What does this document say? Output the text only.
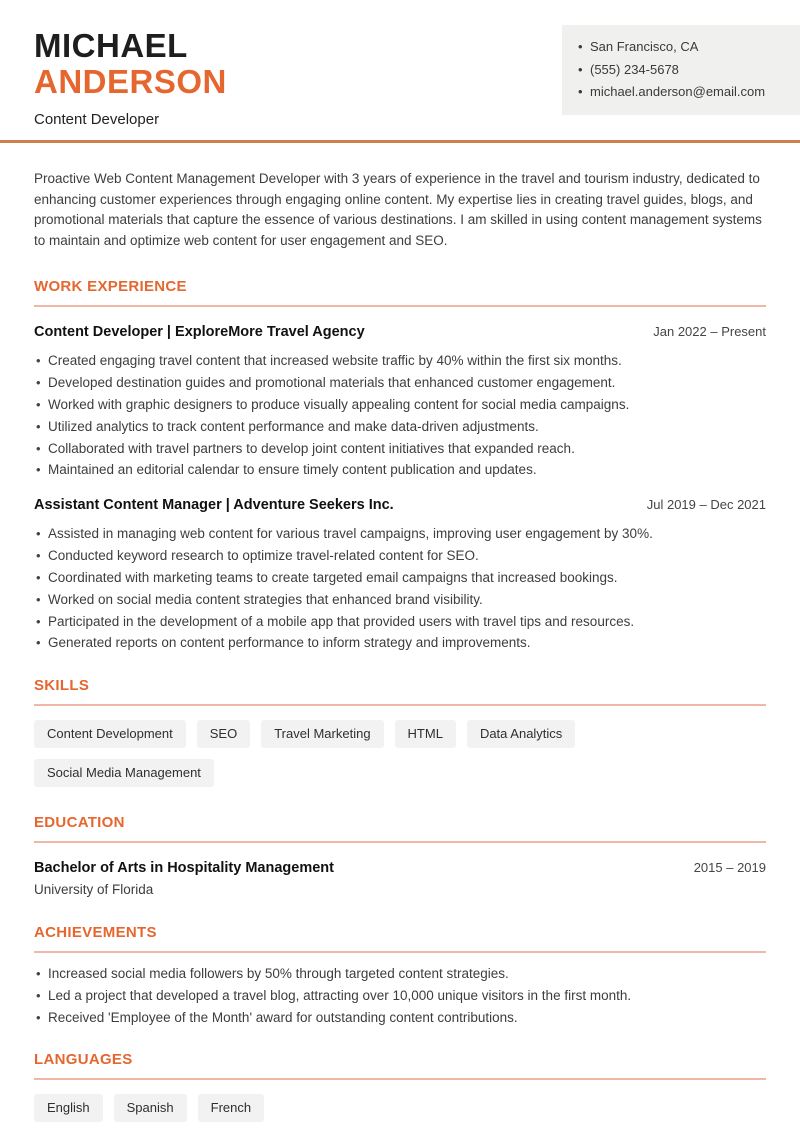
MICHAEL
ANDERSON
Content Developer
• San Francisco, CA
• (555) 234-5678
• michael.anderson@email.com

Proactive Web Content Management Developer with 3 years of experience in the travel and tourism industry, dedicated to enhancing customer experiences through engaging online content. My expertise lies in creating travel guides, blogs, and promotional materials that capture the essence of various destinations. I am skilled in using content management systems to maintain and optimize web content for user engagement and SEO.

WORK EXPERIENCE
Content Developer | ExploreMore Travel Agency	Jan 2022 – Present
• Created engaging travel content that increased website traffic by 40% within the first six months.
• Developed destination guides and promotional materials that enhanced customer engagement.
• Worked with graphic designers to produce visually appealing content for social media campaigns.
• Utilized analytics to track content performance and make data-driven adjustments.
• Collaborated with travel partners to develop joint content initiatives that expanded reach.
• Maintained an editorial calendar to ensure timely content publication and updates.
Assistant Content Manager | Adventure Seekers Inc.	Jul 2019 – Dec 2021
• Assisted in managing web content for various travel campaigns, improving user engagement by 30%.
• Conducted keyword research to optimize travel-related content for SEO.
• Coordinated with marketing teams to create targeted email campaigns that increased bookings.
• Worked on social media content strategies that enhanced brand visibility.
• Participated in the development of a mobile app that provided users with travel tips and resources.
• Generated reports on content performance to inform strategy and improvements.
SKILLS
Content Development	SEO	Travel Marketing	HTML	Data Analytics
Social Media Management
EDUCATION
Bachelor of Arts in Hospitality Management	2015 – 2019
University of Florida
ACHIEVEMENTS
• Increased social media followers by 50% through targeted content strategies.
• Led a project that developed a travel blog, attracting over 10,000 unique visitors in the first month.
• Received 'Employee of the Month' award for outstanding content contributions.
LANGUAGES
English	Spanish	French
